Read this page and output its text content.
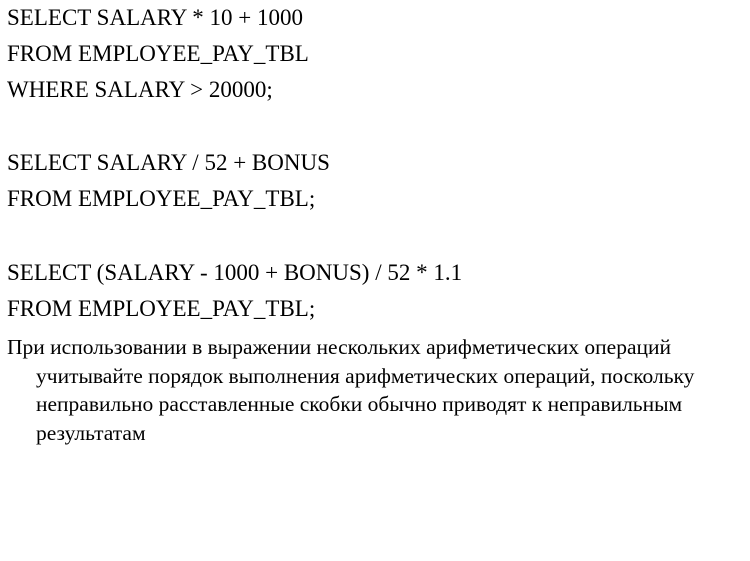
SELECT SALARY * 10 + 1000
FROM EMPLOYEE_PAY_TBL
WHERE SALARY > 20000;
SELECT SALARY / 52 + BONUS
FROM EMPLOYEE_PAY_TBL;
SELECT (SALARY - 1000 + BONUS) / 52 * 1.1
FROM EMPLOYEE_PAY_TBL;

При использовании в выражении нескольких арифметических операций учитывайте порядок выполнения арифметических операций, поскольку неправильно расставленные скобки обычно приводят к неправильным результатам
